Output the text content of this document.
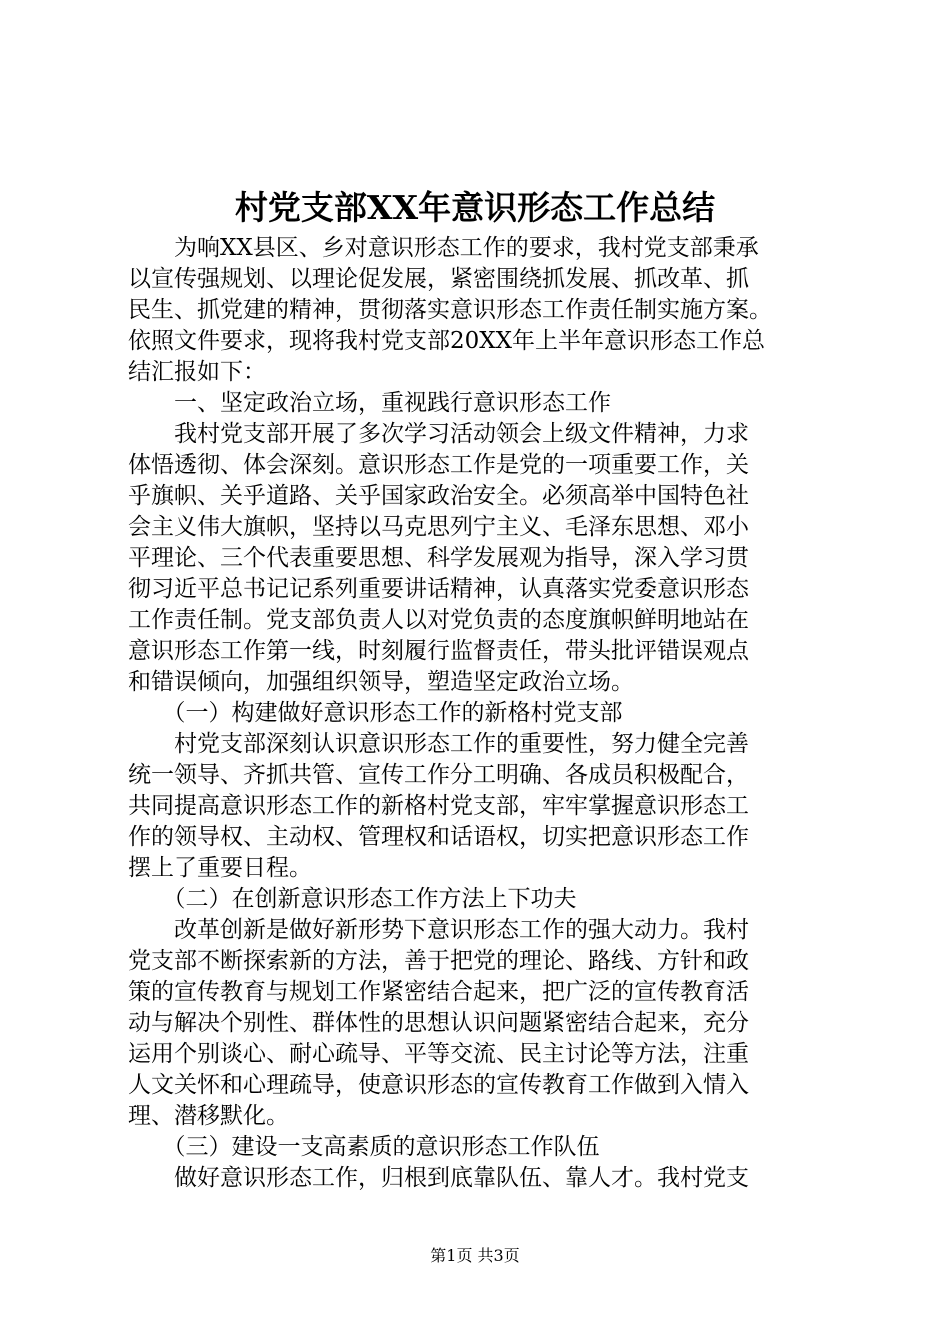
村党支部XX年意识形态工作总结
　　为响XX县区、乡对意识形态工作的要求，我村党支部秉承
以宣传强规划、以理论促发展，紧密围绕抓发展、抓改革、抓
民生、抓党建的精神，贯彻落实意识形态工作责任制实施方案。
依照文件要求，现将我村党支部20XX年上半年意识形态工作总
结汇报如下：
　　一、坚定政治立场，重视践行意识形态工作
　　我村党支部开展了多次学习活动领会上级文件精神，力求
体悟透彻、体会深刻。意识形态工作是党的一项重要工作，关
乎旗帜、关乎道路、关乎国家政治安全。必须高举中国特色社
会主义伟大旗帜，坚持以马克思列宁主义、毛泽东思想、邓小
平理论、三个代表重要思想、科学发展观为指导，深入学习贯
彻习近平总书记记系列重要讲话精神，认真落实党委意识形态
工作责任制。党支部负责人以对党负责的态度旗帜鲜明地站在
意识形态工作第一线，时刻履行监督责任，带头批评错误观点
和错误倾向，加强组织领导，塑造坚定政治立场。
　　（一）构建做好意识形态工作的新格村党支部
　　村党支部深刻认识意识形态工作的重要性，努力健全完善
统一领导、齐抓共管、宣传工作分工明确、各成员积极配合，
共同提高意识形态工作的新格村党支部，牢牢掌握意识形态工
作的领导权、主动权、管理权和话语权，切实把意识形态工作
摆上了重要日程。
　　（二）在创新意识形态工作方法上下功夫
　　改革创新是做好新形势下意识形态工作的强大动力。我村
党支部不断探索新的方法，善于把党的理论、路线、方针和政
策的宣传教育与规划工作紧密结合起来，把广泛的宣传教育活
动与解决个别性、群体性的思想认识问题紧密结合起来，充分
运用个别谈心、耐心疏导、平等交流、民主讨论等方法，注重
人文关怀和心理疏导，使意识形态的宣传教育工作做到入情入
理、潜移默化。
　　（三）建设一支高素质的意识形态工作队伍
　　做好意识形态工作，归根到底靠队伍、靠人才。我村党支
第1页 共3页
